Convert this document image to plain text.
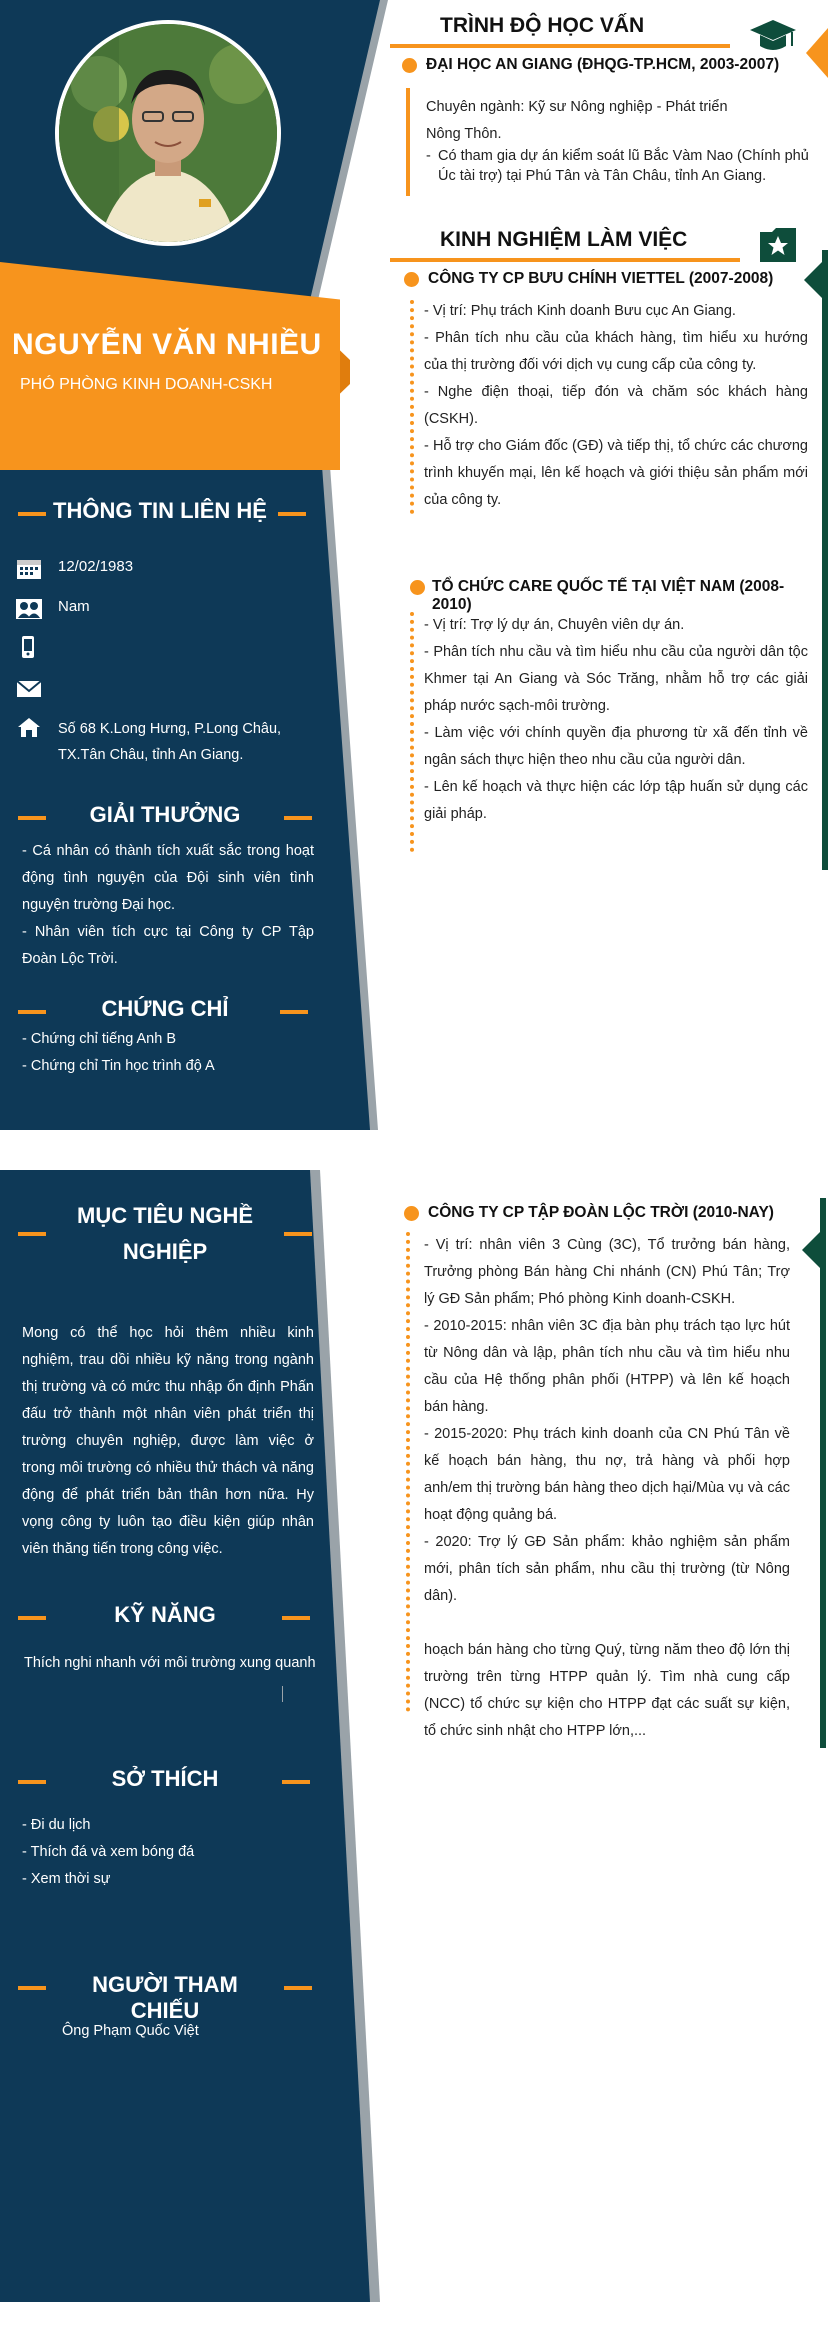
NGUYỄN VĂN NHIỀU
PHÓ PHÒNG KINH DOANH-CSKH
THÔNG TIN LIÊN HỆ
12/02/1983
Nam
Số 68 K.Long Hưng, P.Long Châu, TX.Tân Châu, tỉnh An Giang.
GIẢI THƯỞNG
- Cá nhân có thành tích xuất sắc trong hoạt động tình nguyện của Đội sinh viên tình nguyện trường Đại học.
- Nhân viên tích cực tại Công ty CP Tập Đoàn Lộc Trời.
CHỨNG CHỈ
- Chứng chỉ tiếng Anh B
- Chứng chỉ Tin học trình độ A
TRÌNH ĐỘ HỌC VẤN
ĐẠI HỌC AN GIANG (ĐHQG-TP.HCM, 2003-2007)
Chuyên ngành: Kỹ sư Nông nghiệp - Phát triển Nông Thôn.
- Có tham gia dự án kiểm soát lũ Bắc Vàm Nao (Chính phủ Úc tài trợ) tại Phú Tân và Tân Châu, tỉnh An Giang.
KINH NGHIỆM LÀM VIỆC
CÔNG TY CP BƯU CHÍNH VIETTEL (2007-2008)
- Vị trí: Phụ trách Kinh doanh Bưu cục An Giang.
- Phân tích nhu cầu của khách hàng, tìm hiểu xu hướng của thị trường đối với dịch vụ cung cấp của công ty.
- Nghe điện thoại, tiếp đón và chăm sóc khách hàng (CSKH).
- Hỗ trợ cho Giám đốc (GĐ) và tiếp thị, tổ chức các chương trình khuyến mại, lên kế hoạch và giới thiệu sản phẩm mới của công ty.
TỔ CHỨC CARE QUỐC TẾ TẠI VIỆT NAM (2008- 2010)
- Vị trí: Trợ lý dự án, Chuyên viên dự án.
- Phân tích nhu cầu và tìm hiểu nhu cầu của người dân tộc Khmer tại An Giang và Sóc Trăng, nhằm hỗ trợ các giải pháp nước sạch-môi trường.
- Làm việc với chính quyền địa phương từ xã đến tỉnh về ngân sách thực hiện theo nhu cầu của người dân.
- Lên kế hoạch và thực hiện các lớp tập huấn sử dụng các giải pháp.
MỤC TIÊU NGHỀ
NGHIỆP
Mong có thể học hỏi thêm nhiều kinh nghiệm, trau dồi nhiều kỹ năng trong ngành thị trường và có mức thu nhập ổn định Phấn đấu trở thành một nhân viên phát triển thị trường chuyên nghiệp, được làm việc ở trong môi trường có nhiều thử thách và năng động để phát triển bản thân hơn nữa. Hy vọng công ty luôn tạo điều kiện giúp nhân viên thăng tiến trong công việc.
KỸ NĂNG
Thích nghi nhanh với môi trường xung quanh
SỞ THÍCH
- Đi du lịch
- Thích đá và xem bóng đá
- Xem thời sự
NGƯỜI THAM CHIẾU
Ông Phạm Quốc Việt
CÔNG TY CP TẬP ĐOÀN LỘC TRỜI (2010-NAY)
- Vị trí: nhân viên 3 Cùng (3C), Tổ trưởng bán hàng, Trưởng phòng Bán hàng Chi nhánh (CN) Phú Tân; Trợ lý GĐ Sản phẩm; Phó phòng Kinh doanh-CSKH.
- 2010-2015: nhân viên 3C địa bàn phụ trách tạo lực hút từ Nông dân và lập, phân tích nhu cầu và tìm hiểu nhu cầu của Hệ thống phân phối (HTPP) và lên kế hoạch bán hàng.
- 2015-2020: Phụ trách kinh doanh của CN Phú Tân về kế hoạch bán hàng, thu nợ, trả hàng và phối hợp anh/em thị trường bán hàng theo dịch hại/Mùa vụ và các hoạt động quảng bá.
- 2020: Trợ lý GĐ Sản phẩm: khảo nghiệm sản phẩm mới, phân tích sản phẩm, nhu cầu thị trường (từ Nông dân).
hoạch bán hàng cho từng Quý, từng năm theo độ lớn thị trường trên từng HTPP quản lý. Tìm nhà cung cấp (NCC) tổ chức sự kiện cho HTPP đạt các suất sự kiện, tổ chức sinh nhật cho HTPP lớn,...
